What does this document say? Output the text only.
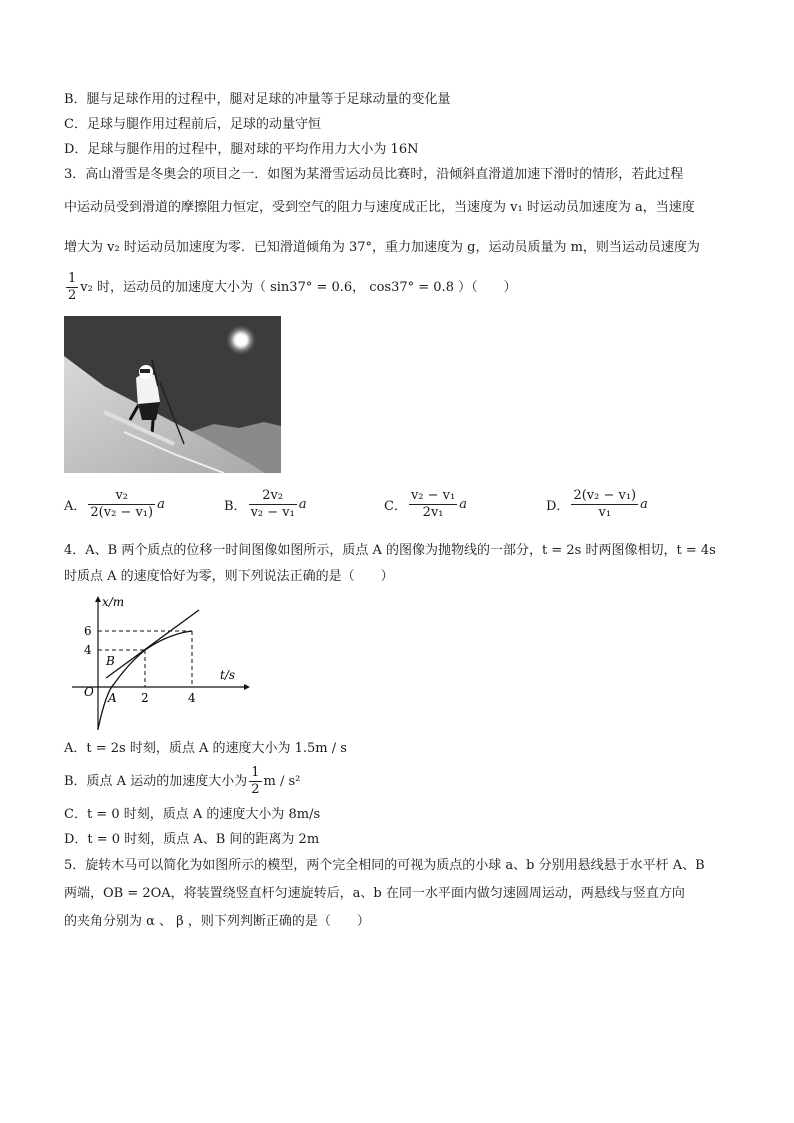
B．腿与足球作用的过程中，腿对足球的冲量等于足球动量的变化量
C．足球与腿作用过程前后，足球的动量守恒
D．足球与腿作用的过程中，腿对球的平均作用力大小为 16N
3．高山滑雪是冬奥会的项目之一．如图为某滑雪运动员比赛时，沿倾斜直滑道加速下滑时的情形，若此过程
中运动员受到滑道的摩擦阻力恒定，受到空气的阻力与速度成正比，当速度为 v₁ 时运动员加速度为 a，当速度
增大为 v₂ 时运动员加速度为零．已知滑道倾角为 37°，重力加速度为 g，运动员质量为 m，则当运动员速度为
$\frac{1}{2} v_2$ 时，运动员的加速度大小为（ sin37° = 0.6， cos37° = 0.8 ）（　　）
A． $\frac{\text{v₂}}{\text{2(v₂ − v₁)}}$ a	B． $\frac{\text{2v₂}}{\text{v₂ − v₁}}$ a	C． $\frac{\text{v₂ − v₁}}{\text{2v₁}}$ a	D． $\frac{\text{2(v₂ − v₁)}}{\text{v₁}}$ a
4．A、B 两个质点的位移一时间图像如图所示，质点 A 的图像为抛物线的一部分，t = 2s 时两图像相切，t = 4s
时质点 A 的速度恰好为零，则下列说法正确的是（　　）
x/m
t/s
6
4
2	4
O
B
A
A．t = 2s 时刻，质点 A 的速度大小为 1.5m / s
B．质点 A 运动的加速度大小为 $\frac{1}{2}$ m / s²
C．t = 0 时刻，质点 A 的速度大小为 8m/s
D．t = 0 时刻，质点 A、B 间的距离为 2m
5．旋转木马可以简化为如图所示的模型，两个完全相同的可视为质点的小球 a、b 分别用悬线悬于水平杆 A、B
两端，OB = 2OA，将装置绕竖直杆匀速旋转后，a、b 在同一水平面内做匀速圆周运动，两悬线与竖直方向
的夹角分别为 α 、 β ，则下列判断正确的是（　　）
